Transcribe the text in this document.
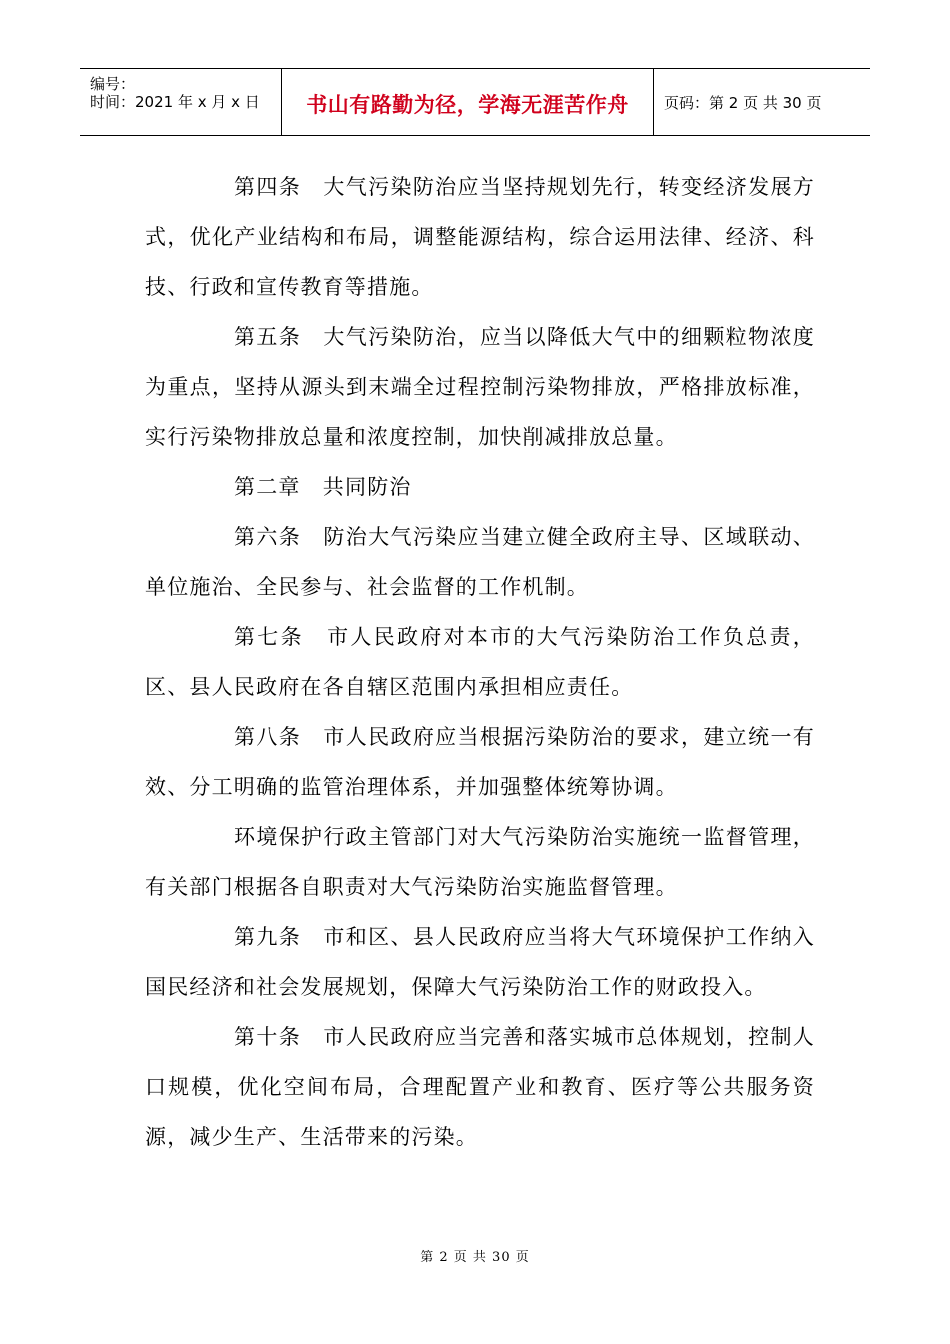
编号：
时间：2021 年 x 月 x 日 书山有路勤为径，学海无涯苦作舟 页码：第 2 页 共 30 页

第四条　大气污染防治应当坚持规划先行，转变经济发展方式，优化产业结构和布局，调整能源结构，综合运用法律、经济、科技、行政和宣传教育等措施。

第五条　大气污染防治，应当以降低大气中的细颗粒物浓度为重点，坚持从源头到末端全过程控制污染物排放，严格排放标准，实行污染物排放总量和浓度控制，加快削减排放总量。

第二章　共同防治

第六条　防治大气污染应当建立健全政府主导、区域联动、单位施治、全民参与、社会监督的工作机制。

第七条　市人民政府对本市的大气污染防治工作负总责，区、县人民政府在各自辖区范围内承担相应责任。

第八条　市人民政府应当根据污染防治的要求，建立统一有效、分工明确的监管治理体系，并加强整体统筹协调。

环境保护行政主管部门对大气污染防治实施统一监督管理，有关部门根据各自职责对大气污染防治实施监督管理。

第九条　市和区、县人民政府应当将大气环境保护工作纳入国民经济和社会发展规划，保障大气污染防治工作的财政投入。

第十条　市人民政府应当完善和落实城市总体规划，控制人口规模，优化空间布局，合理配置产业和教育、医疗等公共服务资源，减少生产、生活带来的污染。

第 2 页 共 30 页
